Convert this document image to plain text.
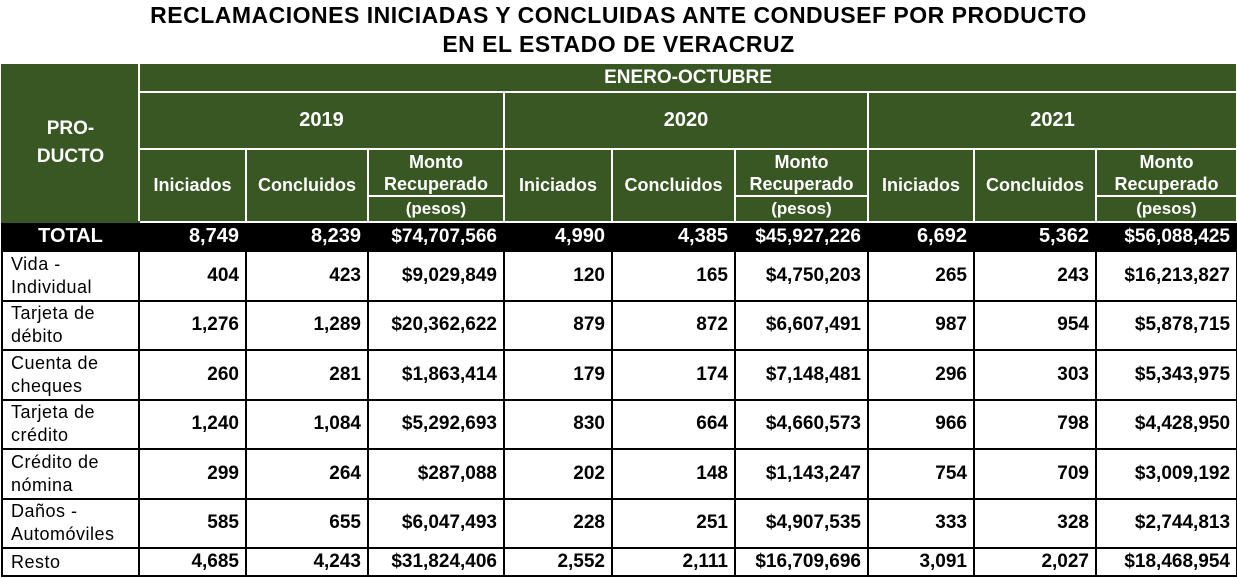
RECLAMACIONES INICIADAS Y CONCLUIDAS ANTE CONDUSEF POR PRODUCTO
EN EL ESTADO DE VERACRUZ
PRO-
DUCTO	ENERO-OCTUBRE								
	2019			2020			2021		
	Iniciados	Concluidos	Monto
Recuperado	Iniciados	Concluidos	Monto
Recuperado	Iniciados	Concluidos	Monto
Recuperado
			(pesos)			(pesos)			(pesos)
TOTAL	8,749	8,239	$74,707,566	4,990	4,385	$45,927,226	6,692	5,362	$56,088,425
Vida -
Individual	404	423	$9,029,849	120	165	$4,750,203	265	243	$16,213,827
Tarjeta de
débito	1,276	1,289	$20,362,622	879	872	$6,607,491	987	954	$5,878,715
Cuenta de
cheques	260	281	$1,863,414	179	174	$7,148,481	296	303	$5,343,975
Tarjeta de
crédito	1,240	1,084	$5,292,693	830	664	$4,660,573	966	798	$4,428,950
Crédito de
nómina	299	264	$287,088	202	148	$1,143,247	754	709	$3,009,192
Daños -
Automóviles	585	655	$6,047,493	228	251	$4,907,535	333	328	$2,744,813
Resto	4,685	4,243	$31,824,406	2,552	2,111	$16,709,696	3,091	2,027	$18,468,954
